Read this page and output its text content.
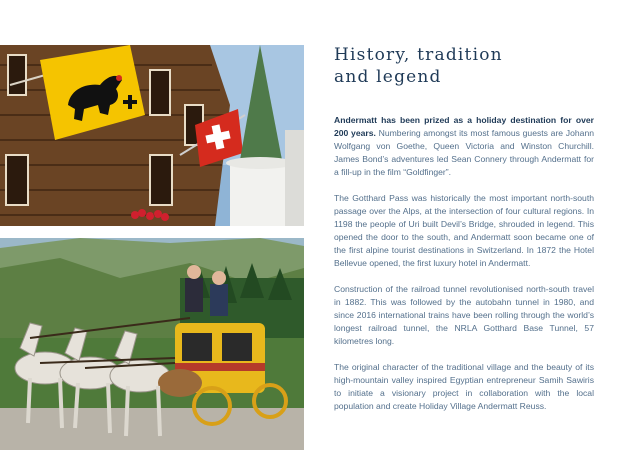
History, tradition
and legend

Andermatt has been prized as a holiday destination for over 200 years. Numbering amongst its most famous guests are Johann Wolfgang von Goethe, Queen Victoria and Winston Churchill. James Bond’s adventures led Sean Connery through Andermatt for a fill-up in the film “Goldfinger”.

The Gotthard Pass was historically the most important north-south passage over the Alps, at the intersection of four cultural regions. In 1198 the people of Uri built Devil’s Bridge, shrouded in legend. This opened the door to the south, and Andermatt soon became one of the first alpine tourist destinations in Switzerland. In 1872 the Hotel Bellevue opened, the first luxury hotel in Andermatt.

Construction of the railroad tunnel revolutionised north-south travel in 1882. This was followed by the autobahn tunnel in 1980, and since 2016 international trains have been rolling through the world’s longest railroad tunnel, the NRLA Gotthard Base Tunnel, 57 kilometres long.

The original character of the traditional village and the beauty of its high-mountain valley inspired Egyptian entrepreneur Samih Sawiris to initiate a visionary project in collaboration with the local population and create Holiday Village Andermatt Reuss.
